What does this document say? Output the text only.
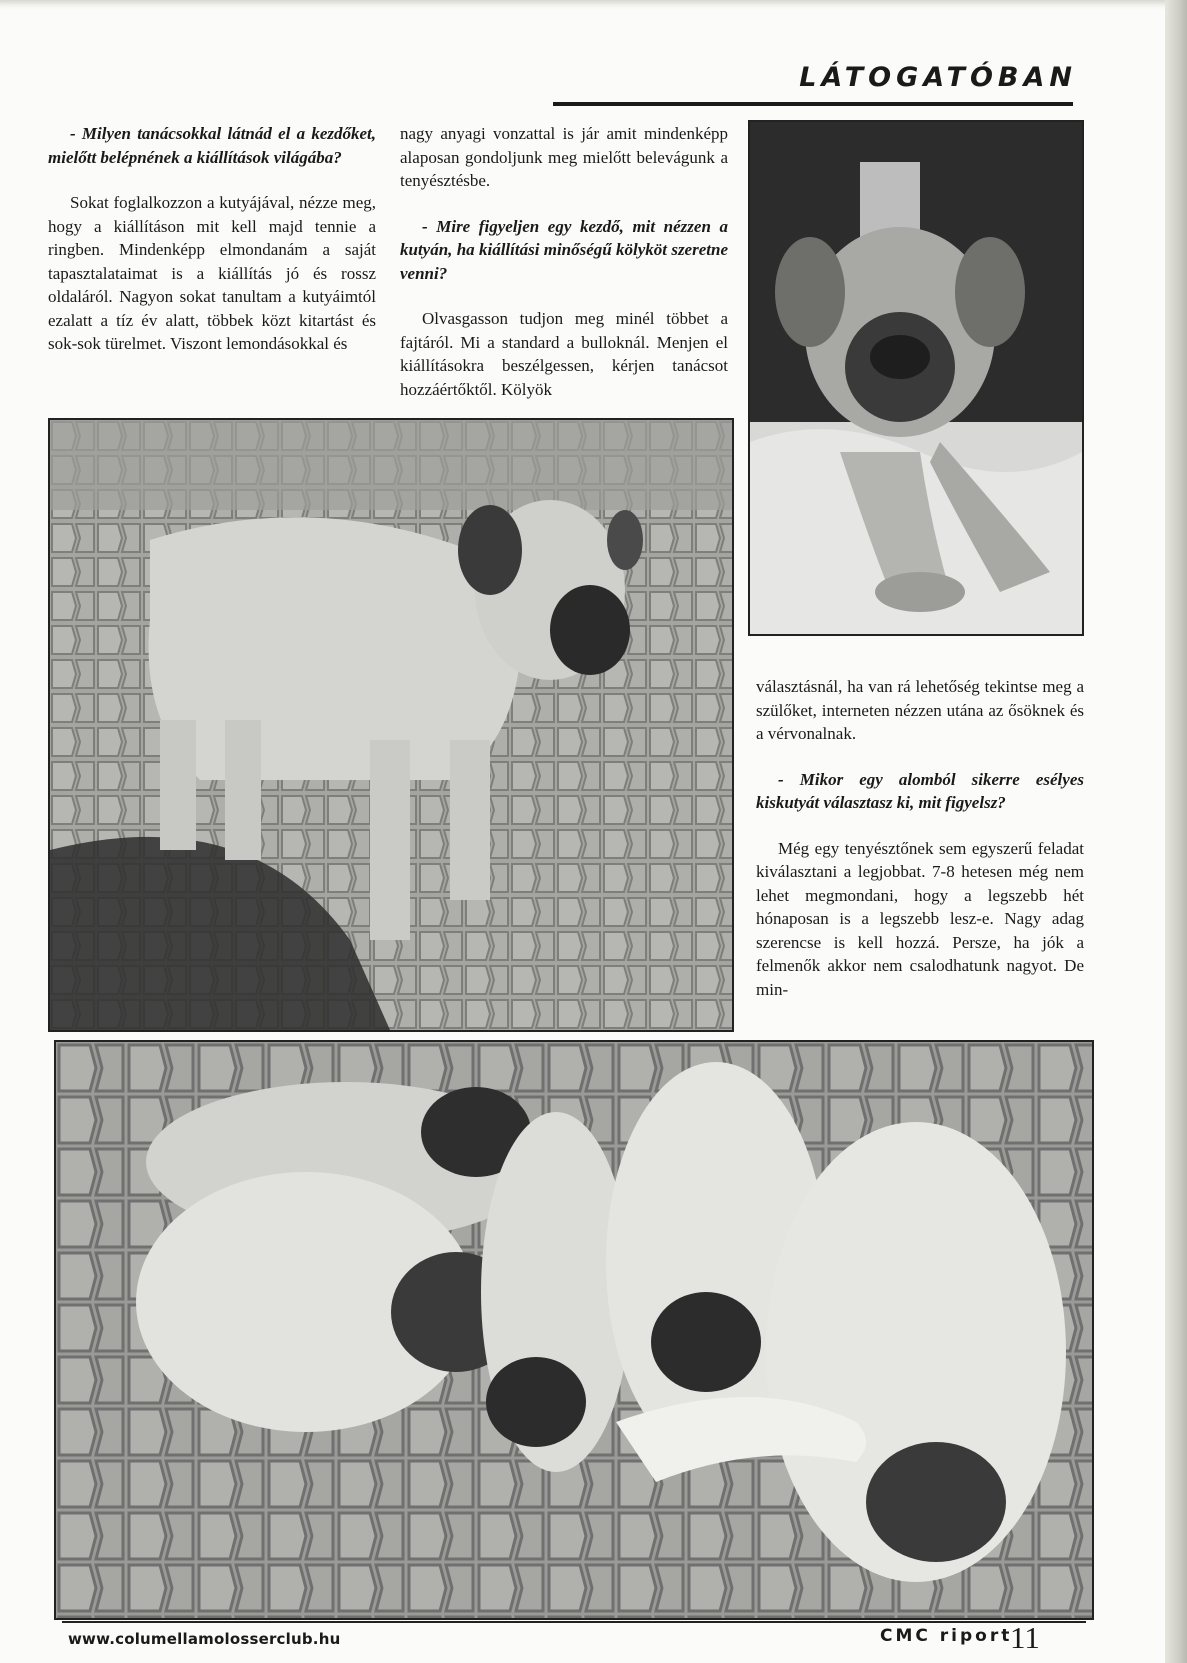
LÁTOGATÓBAN

- Milyen tanácsokkal látnád el a kezdőket, mielőtt belépnének a kiállítások világába?

Sokat foglalkozzon a kutyájával, nézze meg, hogy a kiállításon mit kell majd tennie a ringben. Mindenképp elmondanám a saját tapasztalataimat is a kiállítás jó és rossz oldaláról. Nagyon sokat tanultam a kutyáimtól ezalatt a tíz év alatt, többek közt kitartást és sok-sok türelmet. Viszont lemondásokkal és

nagy anyagi vonzattal is jár amit mindenképp alaposan gondoljunk meg mielőtt belevágunk a tenyésztésbe.

- Mire figyeljen egy kezdő, mit nézzen a kutyán, ha kiállítási minőségű kölyköt szeretne venni?

Olvasgasson tudjon meg minél többet a fajtáról. Mi a standard a bulloknál. Menjen el kiállításokra beszélgessen, kérjen tanácsot hozzáértőktől. Kölyök

választásnál, ha van rá lehetőség tekintse meg a szülőket, interneten nézzen utána az ősöknek és a vérvonalnak.

- Mikor egy alomból sikerre esélyes kiskutyát választasz ki, mit figyelsz?

Még egy tenyésztőnek sem egyszerű feladat kiválasztani a legjobbat. 7-8 hetesen még nem lehet megmondani, hogy a legszebb hét hónaposan is a legszebb lesz-e. Nagy adag szerencse is kell hozzá. Persze, ha jók a felmenők akkor nem csalodhatunk nagyot. De min-

www.columellamolosserclub.hu	CMC riport
11
